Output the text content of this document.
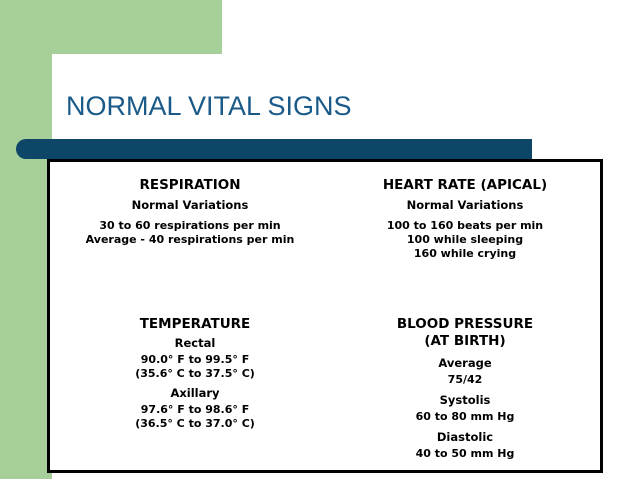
NORMAL VITAL SIGNS
RESPIRATION
Normal Variations
30 to 60 respirations per min
Average - 40 respirations per min
HEART RATE (APICAL)
Normal Variations
100 to 160 beats per min
100 while sleeping
160 while crying
TEMPERATURE
Rectal
90.0° F to 99.5° F
(35.6° C to 37.5° C)
Axillary
97.6° F to 98.6° F
(36.5° C to 37.0° C)
BLOOD PRESSURE
(AT BIRTH)
Average
75/42
Systolis
60 to 80 mm Hg
Diastolic
40 to 50 mm Hg
